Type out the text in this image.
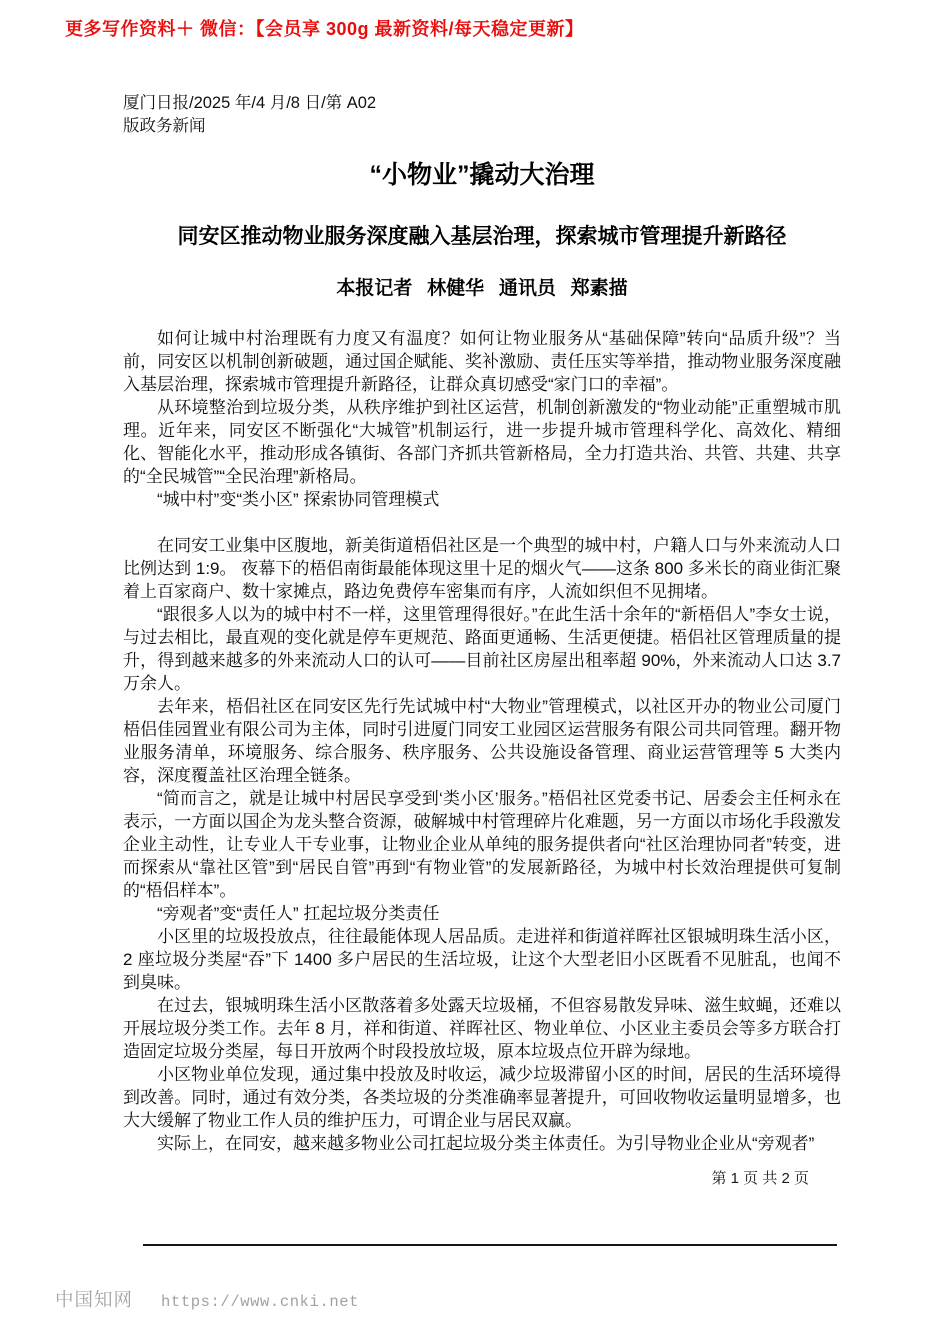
更多写作资料＋ 微信：【会员享 300g 最新资料/每天稳定更新】
厦门日报/2025 年/4 月/8 日/第 A02
版政务新闻
“小物业”撬动大治理
同安区推动物业服务深度融入基层治理，探索城市管理提升新路径
本报记者 林健华 通讯员 郑素描

如何让城中村治理既有力度又有温度？如何让物业服务从“基础保障”转向“品质升级”？当前，同安区以机制创新破题，通过国企赋能、奖补激励、责任压实等举措，推动物业服务深度融入基层治理，探索城市管理提升新路径，让群众真切感受“家门口的幸福”。

从环境整治到垃圾分类，从秩序维护到社区运营，机制创新激发的“物业动能”正重塑城市肌理。近年来，同安区不断强化“大城管”机制运行，进一步提升城市管理科学化、高效化、精细化、智能化水平，推动形成各镇街、各部门齐抓共管新格局，全力打造共治、共管、共建、共享的“全民城管”“全民治理”新格局。

“城中村”变“类小区” 探索协同管理模式

在同安工业集中区腹地，新美街道梧侣社区是一个典型的城中村，户籍人口与外来流动人口比例达到 1:9。 夜幕下的梧侣南街最能体现这里十足的烟火气——这条 800 多米长的商业街汇聚着上百家商户、数十家摊点，路边免费停车密集而有序，人流如织但不见拥堵。

“跟很多人以为的城中村不一样，这里管理得很好。”在此生活十余年的“新梧侣人”李女士说，与过去相比，最直观的变化就是停车更规范、路面更通畅、生活更便捷。梧侣社区管理质量的提升，得到越来越多的外来流动人口的认可——目前社区房屋出租率超 90%，外来流动人口达 3.7万余人。

去年来，梧侣社区在同安区先行先试城中村“大物业”管理模式，以社区开办的物业公司厦门梧侣佳园置业有限公司为主体，同时引进厦门同安工业园区运营服务有限公司共同管理。翻开物业服务清单，环境服务、综合服务、秩序服务、公共设施设备管理、商业运营管理等 5 大类内容，深度覆盖社区治理全链条。

“简而言之，就是让城中村居民享受到‘类小区’服务。”梧侣社区党委书记、居委会主任柯永在表示，一方面以国企为龙头整合资源，破解城中村管理碎片化难题，另一方面以市场化手段激发企业主动性，让专业人干专业事，让物业企业从单纯的服务提供者向“社区治理协同者”转变，进而探索从“靠社区管”到“居民自管”再到“有物业管”的发展新路径，为城中村长效治理提供可复制的“梧侣样本”。

“旁观者”变“责任人” 扛起垃圾分类责任

小区里的垃圾投放点，往往最能体现人居品质。走进祥和街道祥晖社区银城明珠生活小区，2 座垃圾分类屋“吞”下 1400 多户居民的生活垃圾，让这个大型老旧小区既看不见脏乱，也闻不到臭味。

在过去，银城明珠生活小区散落着多处露天垃圾桶，不但容易散发异味、滋生蚊蝇，还难以开展垃圾分类工作。去年 8 月，祥和街道、祥晖社区、物业单位、小区业主委员会等多方联合打造固定垃圾分类屋，每日开放两个时段投放垃圾，原本垃圾点位开辟为绿地。

小区物业单位发现，通过集中投放及时收运，减少垃圾滞留小区的时间，居民的生活环境得到改善。同时，通过有效分类，各类垃圾的分类准确率显著提升，可回收物收运量明显增多，也大大缓解了物业工作人员的维护压力，可谓企业与居民双赢。

实际上，在同安，越来越多物业公司扛起垃圾分类主体责任。为引导物业企业从“旁观者”

第 1 页 共 2 页
中国知网 https://www.cnki.net
